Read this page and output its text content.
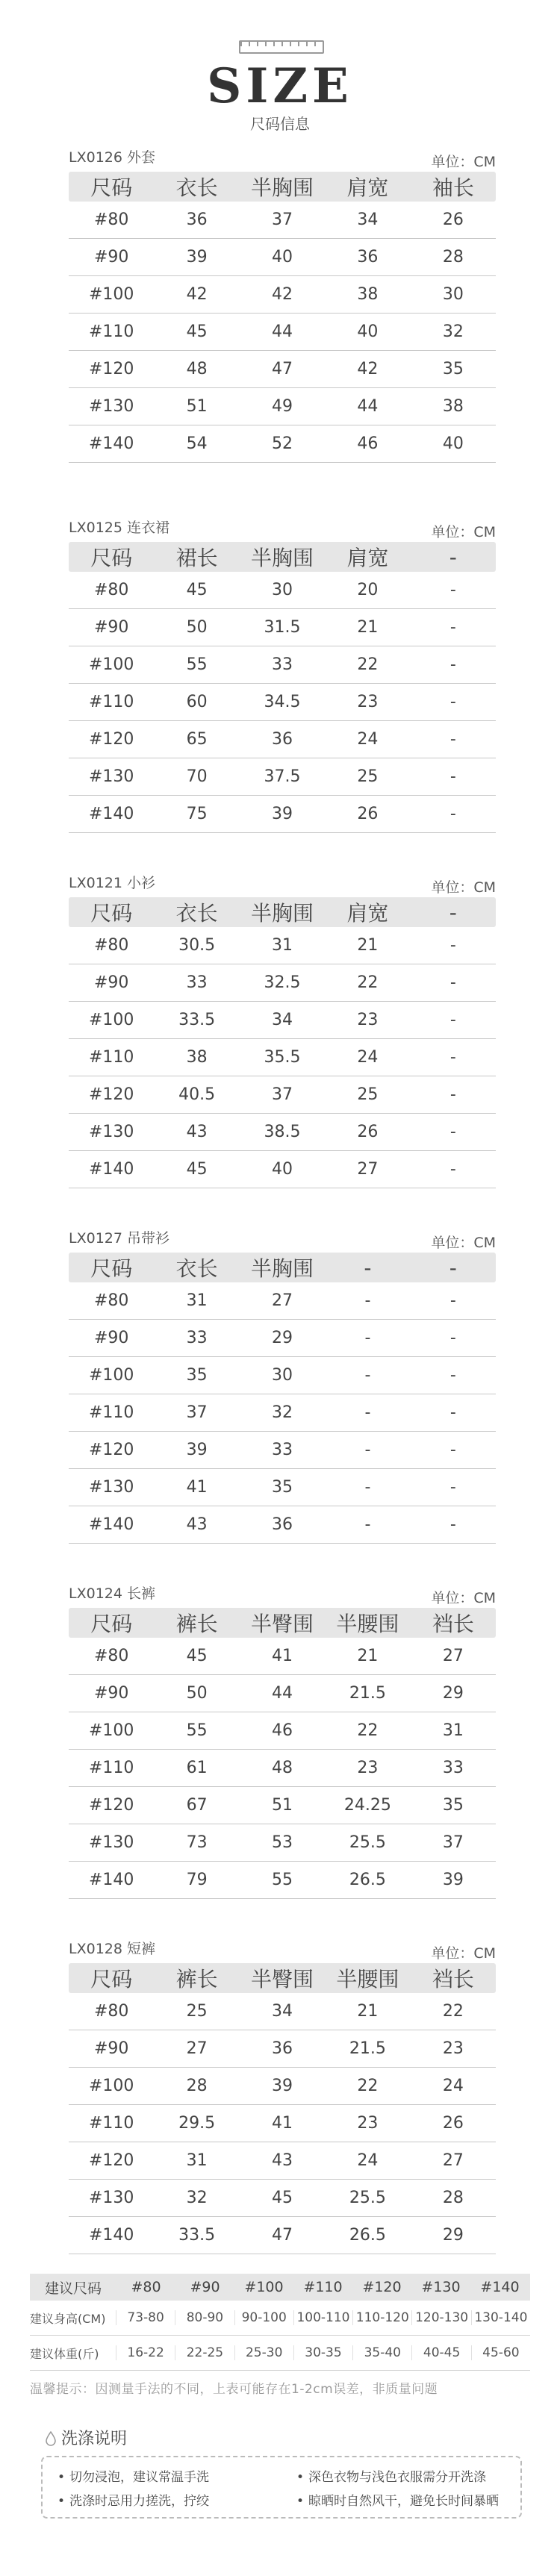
SIZE
尺码信息
LX0126 外套	单位：CM
尺码	衣长	半胸围	肩宽	袖长
#80	36	37	34	26
#90	39	40	36	28
#100	42	42	38	30
#110	45	44	40	32
#120	48	47	42	35
#130	51	49	44	38
#140	54	52	46	40
LX0125 连衣裙	单位：CM
尺码	裙长	半胸围	肩宽	-
#80	45	30	20	-
#90	50	31.5	21	-
#100	55	33	22	-
#110	60	34.5	23	-
#120	65	36	24	-
#130	70	37.5	25	-
#140	75	39	26	-
LX0121 小衫	单位：CM
尺码	衣长	半胸围	肩宽	-
#80	30.5	31	21	-
#90	33	32.5	22	-
#100	33.5	34	23	-
#110	38	35.5	24	-
#120	40.5	37	25	-
#130	43	38.5	26	-
#140	45	40	27	-
LX0127 吊带衫	单位：CM
尺码	衣长	半胸围	-	-
#80	31	27	-	-
#90	33	29	-	-
#100	35	30	-	-
#110	37	32	-	-
#120	39	33	-	-
#130	41	35	-	-
#140	43	36	-	-
LX0124 长裤	单位：CM
尺码	裤长	半臀围	半腰围	裆长
#80	45	41	21	27
#90	50	44	21.5	29
#100	55	46	22	31
#110	61	48	23	33
#120	67	51	24.25	35
#130	73	53	25.5	37
#140	79	55	26.5	39
LX0128 短裤	单位：CM
尺码	裤长	半臀围	半腰围	裆长
#80	25	34	21	22
#90	27	36	21.5	23
#100	28	39	22	24
#110	29.5	41	23	26
#120	31	43	24	27
#130	32	45	25.5	28
#140	33.5	47	26.5	29
建议尺码	#80	#90	#100	#110	#120	#130	#140
建议身高(CM)	73-80	80-90	90-100 100-110 110-120 120-130 130-140
建议体重(斤)	16-22	22-25	25-30	30-35	35-40	40-45	45-60
温馨提示：因测量手法的不同，上表可能存在1-2cm误差，非质量问题
洗涤说明
• 切勿浸泡，建议常温手洗	• 深色衣物与浅色衣服需分开洗涤
• 洗涤时忌用力搓洗，拧绞	• 晾晒时自然风干，避免长时间暴晒
